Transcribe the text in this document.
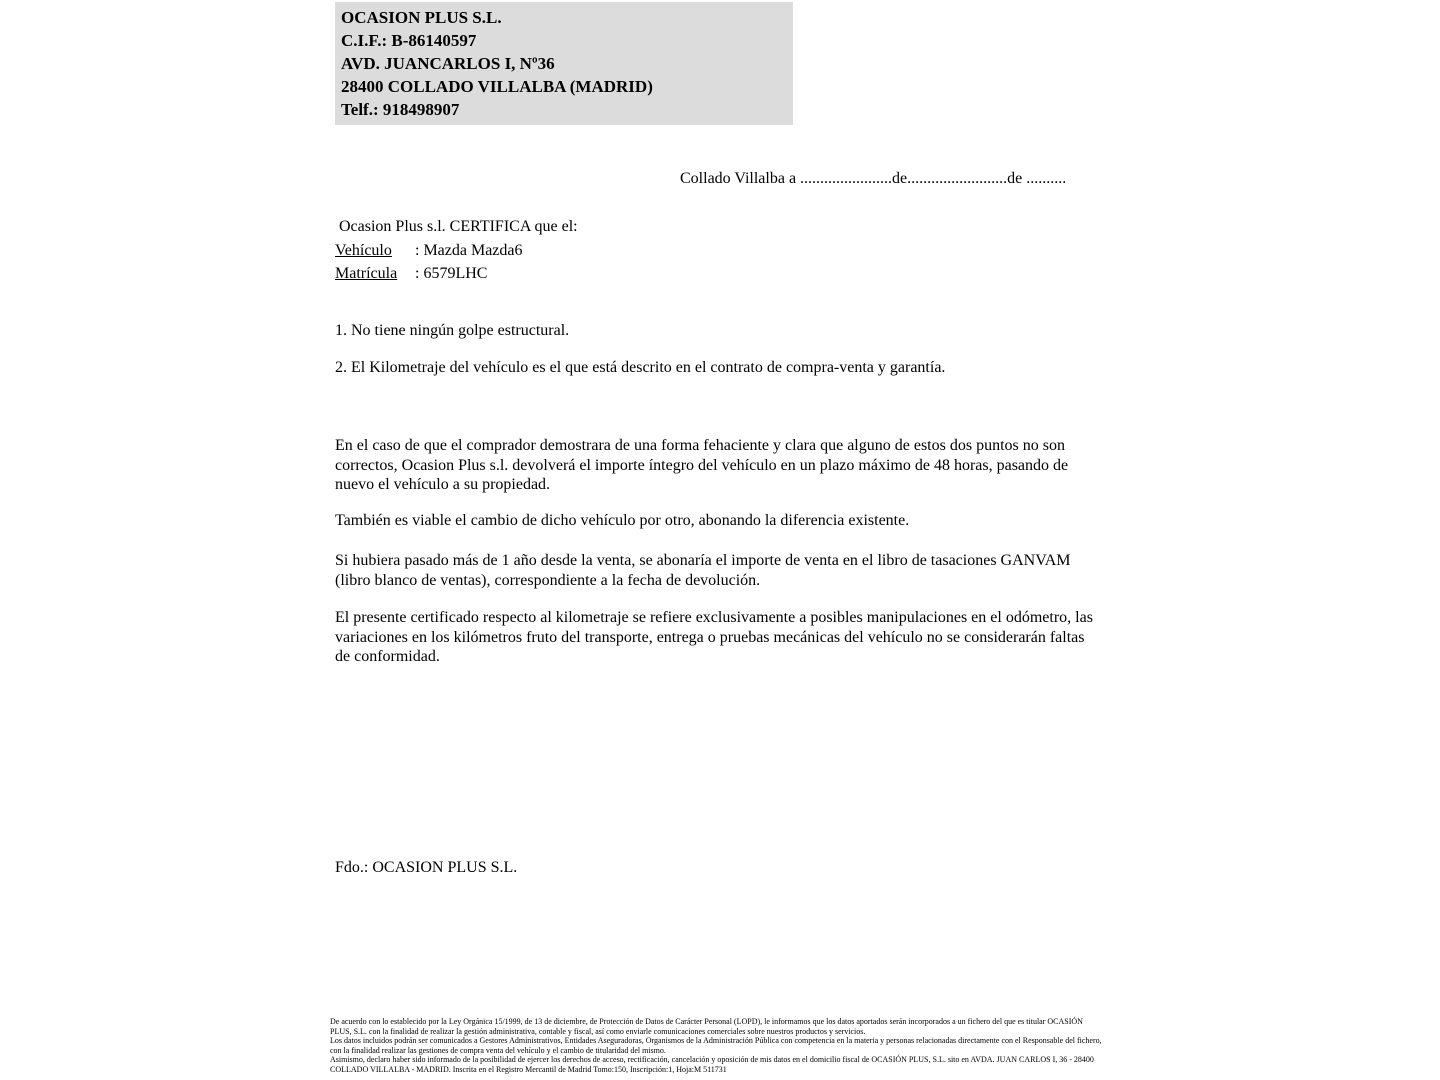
OCASION PLUS S.L.
C.I.F.: B-86140597
AVD. JUANCARLOS I, Nº36
28400 COLLADO VILLALBA (MADRID)
Telf.: 918498907
Collado Villalba a .......................de.........................de ..........
Ocasion Plus s.l. CERTIFICA que el:
Vehículo : Mazda Mazda6
Matrícula : 6579LHC

1. No tiene ningún golpe estructural.

2. El Kilometraje del vehículo es el que está descrito en el contrato de compra-venta y garantía.

En el caso de que el comprador demostrara de una forma fehaciente y clara que alguno de estos dos puntos no son correctos, Ocasion Plus s.l. devolverá el importe íntegro del vehículo en un plazo máximo de 48 horas, pasando de nuevo el vehículo a su propiedad.

También es viable el cambio de dicho vehículo por otro, abonando la diferencia existente.

Si hubiera pasado más de 1 año desde la venta, se abonaría el importe de venta en el libro de tasaciones GANVAM (libro blanco de ventas), correspondiente a la fecha de devolución.

El presente certificado respecto al kilometraje se refiere exclusivamente a posibles manipulaciones en el odómetro, las variaciones en los kilómetros fruto del transporte, entrega o pruebas mecánicas del vehículo no se considerarán faltas de conformidad.

Fdo.: OCASION PLUS S.L.
De acuerdo con lo establecido por la Ley Orgánica 15/1999, de 13 de diciembre, de Protección de Datos de Carácter Personal (LOPD), le informamos que los datos aportados serán incorporados a un fichero del que es titular OCASIÓN PLUS, S.L. con la finalidad de realizar la gestión administrativa, contable y fiscal, así como enviarle comunicaciones comerciales sobre nuestros productos y servicios.
Los datos incluidos podrán ser comunicados a Gestores Administrativos, Entidades Aseguradoras, Organismos de la Administración Pública con competencia en la materia y personas relacionadas directamente con el Responsable del fichero, con la finalidad realizar las gestiones de compra venta del vehículo y el cambio de titularidad del mismo.
Asimismo, declaro haber sido informado de la posibilidad de ejercer los derechos de acceso, rectificación, cancelación y oposición de mis datos en el domicilio fiscal de OCASIÓN PLUS, S.L. sito en AVDA. JUAN CARLOS I, 36 - 28400 COLLADO VILLALBA - MADRID. Inscrita en el Registro Mercantil de Madrid Tomo:150, Inscripción:1, Hoja:M 511731
